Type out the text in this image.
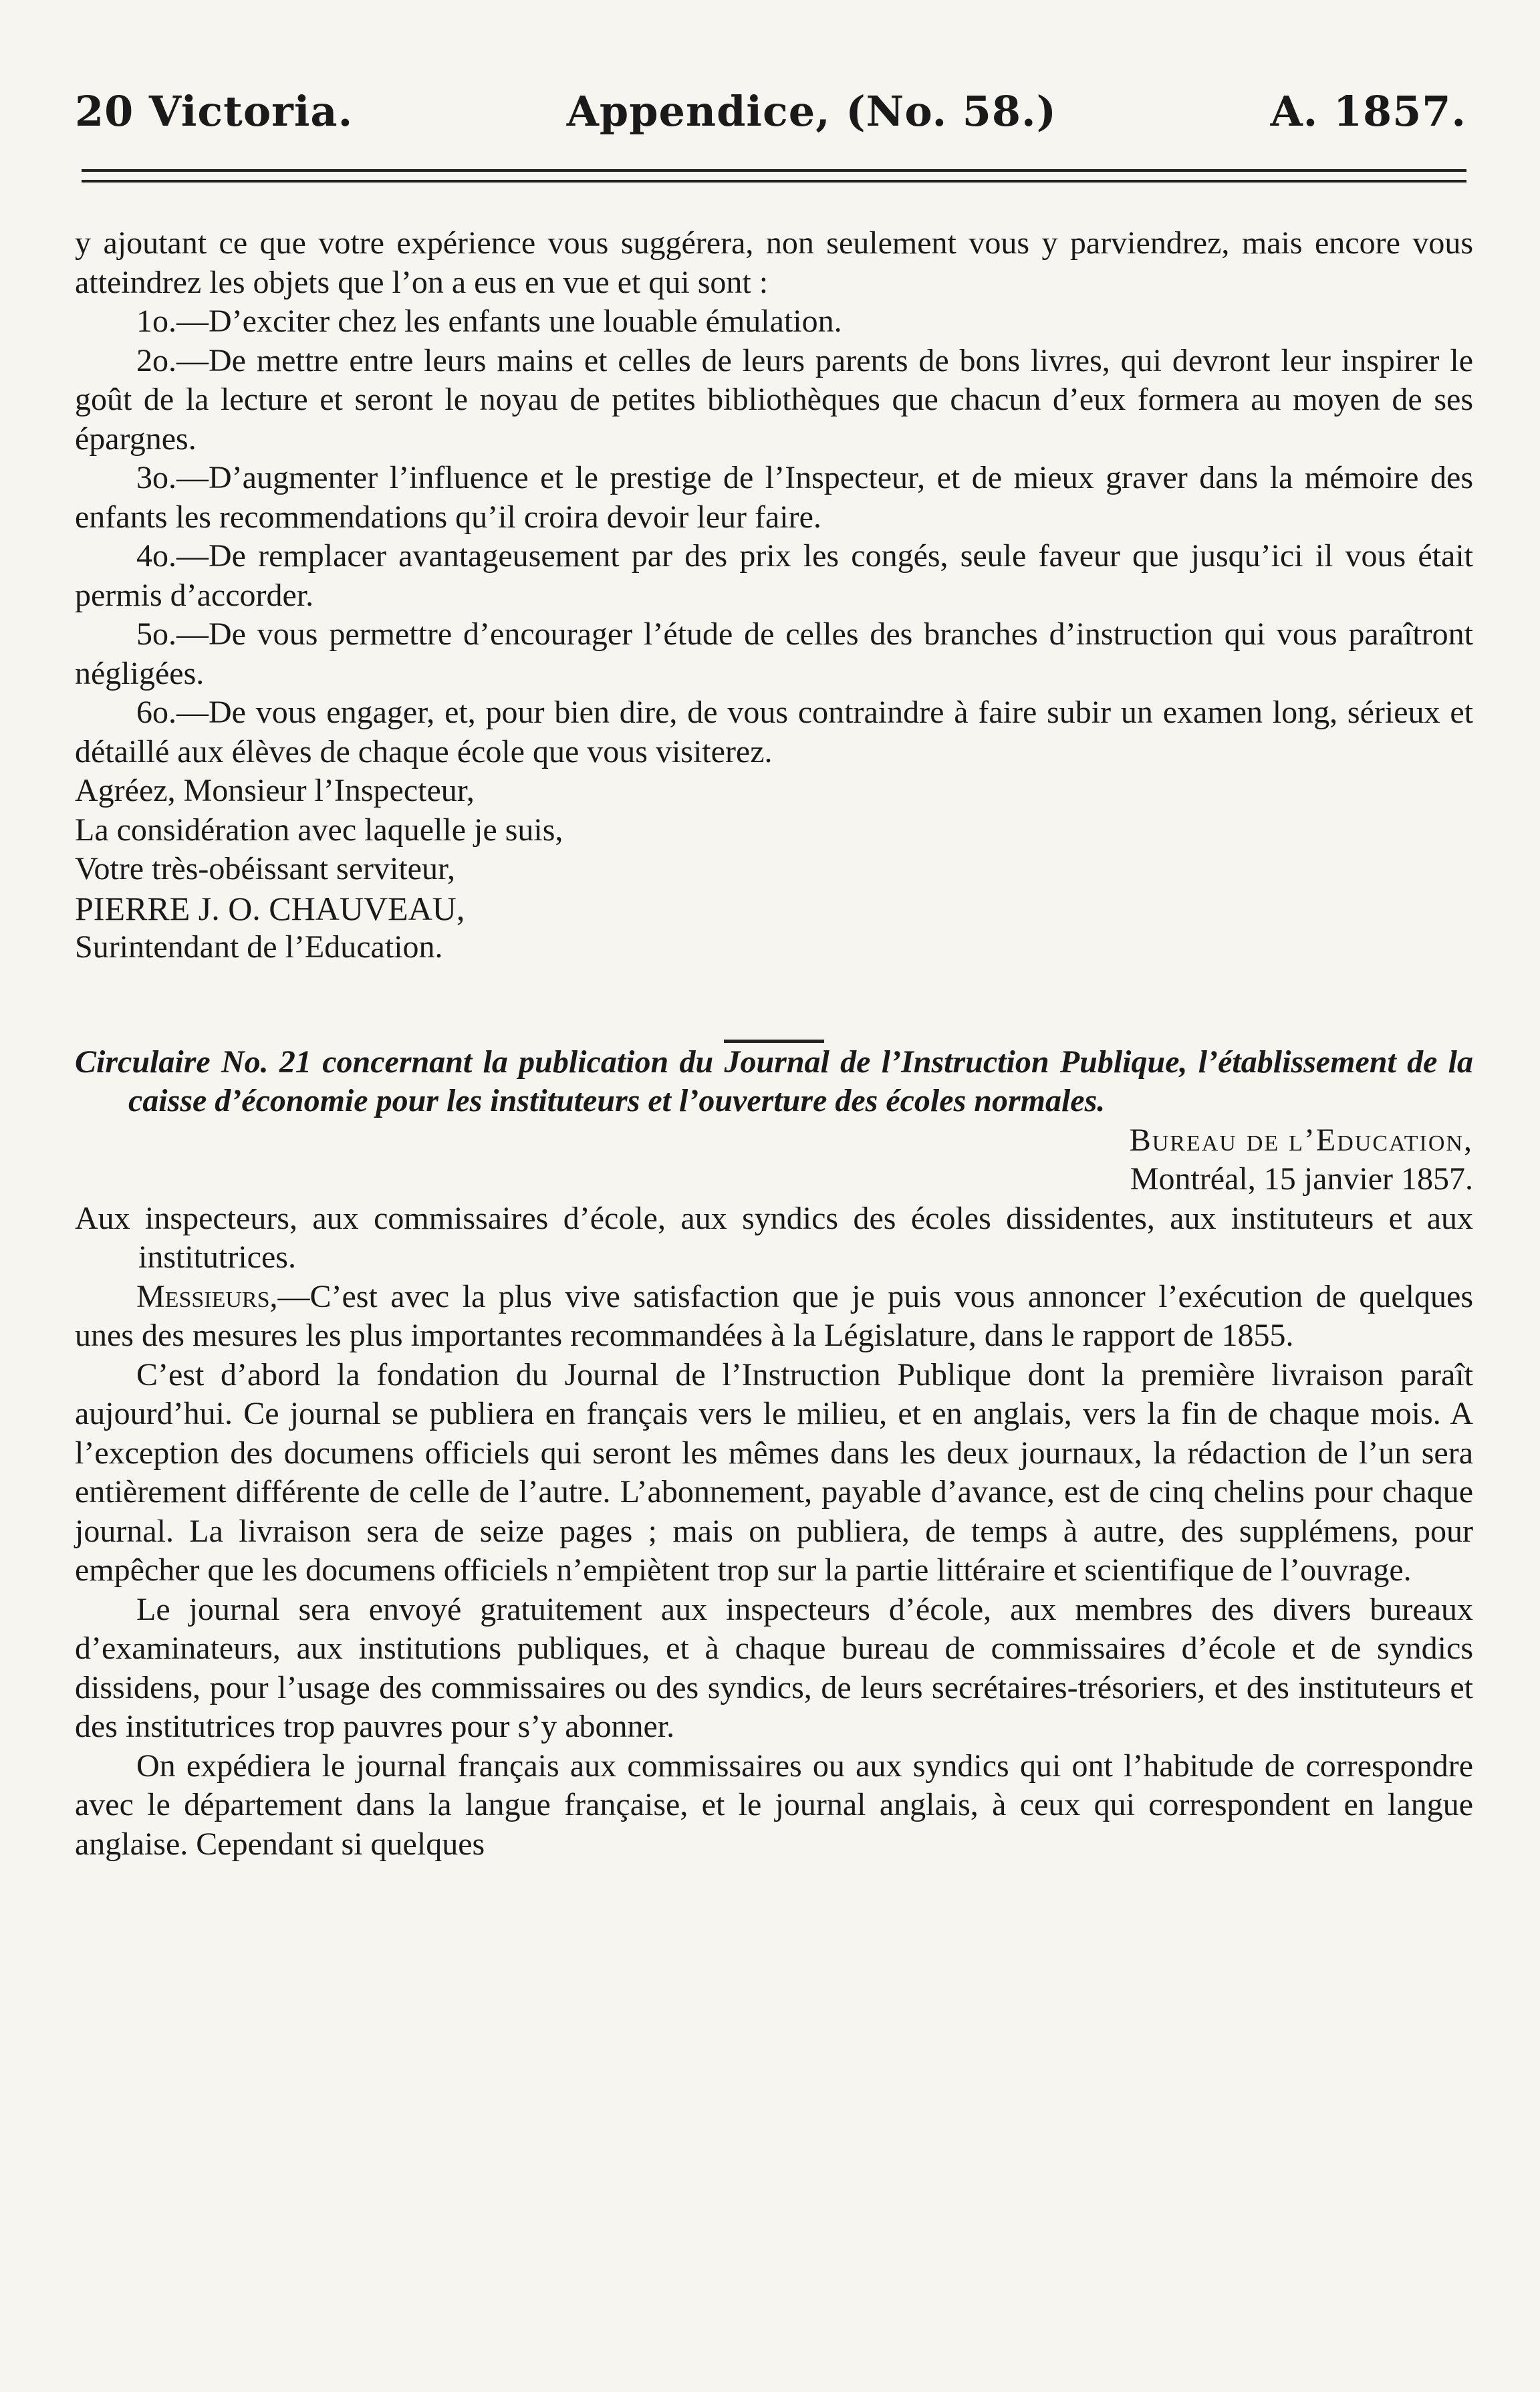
20 Victoria.	Appendice, (No. 58.)	A. 1857.

y ajoutant ce que votre expérience vous suggérera, non seulement vous y parviendrez, mais encore vous atteindrez les objets que l’on a eus en vue et qui sont :

1o.—D’exciter chez les enfants une louable émulation.

2o.—De mettre entre leurs mains et celles de leurs parents de bons livres, qui devront leur inspirer le goût de la lecture et seront le noyau de petites bibliothèques que chacun d’eux formera au moyen de ses épargnes.

3o.—D’augmenter l’influence et le prestige de l’Inspecteur, et de mieux graver dans la mémoire des enfants les recommendations qu’il croira devoir leur faire.

4o.—De remplacer avantageusement par des prix les congés, seule faveur que jusqu’ici il vous était permis d’accorder.

5o.—De vous permettre d’encourager l’étude de celles des branches d’instruction qui vous paraîtront négligées.

6o.—De vous engager, et, pour bien dire, de vous contraindre à faire subir un examen long, sérieux et détaillé aux élèves de chaque école que vous visiterez.

Agréez, Monsieur l’Inspecteur,

La considération avec laquelle je suis,

Votre très-obéissant serviteur,

PIERRE J. O. CHAUVEAU,

Surintendant de l’Education.

Circulaire No. 21 concernant la publication du Journal de l’Instruction Publique, l’établissement de la caisse d’économie pour les instituteurs et l’ouverture des écoles normales.

Bureau de l’Education,

Montréal, 15 janvier 1857.

Aux inspecteurs, aux commissaires d’école, aux syndics des écoles dissidentes, aux instituteurs et aux institutrices.

Messieurs,—C’est avec la plus vive satisfaction que je puis vous annoncer l’exécution de quelques unes des mesures les plus importantes recommandées à la Législature, dans le rapport de 1855.

C’est d’abord la fondation du Journal de l’Instruction Publique dont la première livraison paraît aujourd’hui. Ce journal se publiera en français vers le milieu, et en anglais, vers la fin de chaque mois. A l’exception des documens officiels qui seront les mêmes dans les deux journaux, la rédaction de l’un sera entièrement différente de celle de l’autre. L’abonnement, payable d’avance, est de cinq chelins pour chaque journal. La livraison sera de seize pages ; mais on publiera, de temps à autre, des supplémens, pour empêcher que les documens officiels n’empiètent trop sur la partie littéraire et scientifique de l’ouvrage.

Le journal sera envoyé gratuitement aux inspecteurs d’école, aux membres des divers bureaux d’examinateurs, aux institutions publiques, et à chaque bureau de commissaires d’école et de syndics dissidens, pour l’usage des commissaires ou des syndics, de leurs secrétaires-trésoriers, et des instituteurs et des institutrices trop pauvres pour s’y abonner.

On expédiera le journal français aux commissaires ou aux syndics qui ont l’habitude de correspondre avec le département dans la langue française, et le journal anglais, à ceux qui correspondent en langue anglaise. Cependant si quelques
